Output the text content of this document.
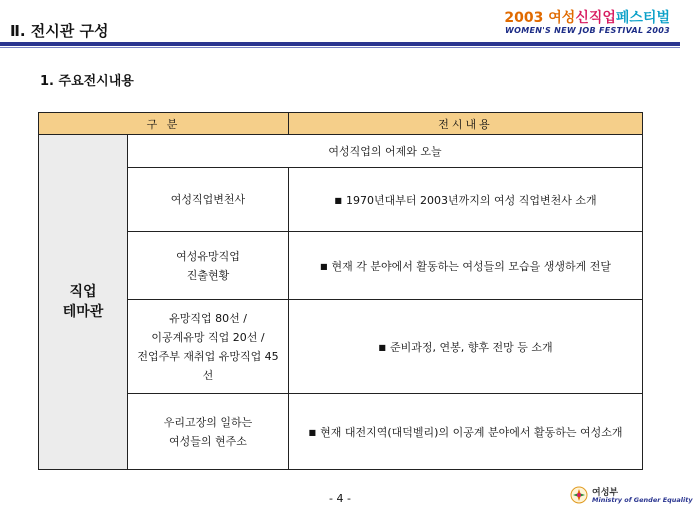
Ⅱ. 전시관 구성
2003 여성신직업페스티벌
WOMEN'S NEW JOB FESTIVAL 2003
1. 주요전시내용
구 분		전시내용

직업
테마관	여성직업의 어제와 오늘	

	여성직업변천사	■ 1970년대부터 2003년까지의 여성 직업변천사 소개

	여성유망직업
진출현황	■ 현재 각 분야에서 활동하는 여성들의 모습을 생생하게 전달

	유망직업 80선 /
이공계유망 직업 20선 /
전업주부 재취업 유망직업 45
선	■ 준비과정, 연봉, 향후 전망 등 소개

	우리고장의 일하는
여성들의 현주소	■ 현재 대전지역(대덕벨리)의 이공계 분야에서 활동하는 여성소개
- 4 -	여성부
Ministry of Gender Equality
